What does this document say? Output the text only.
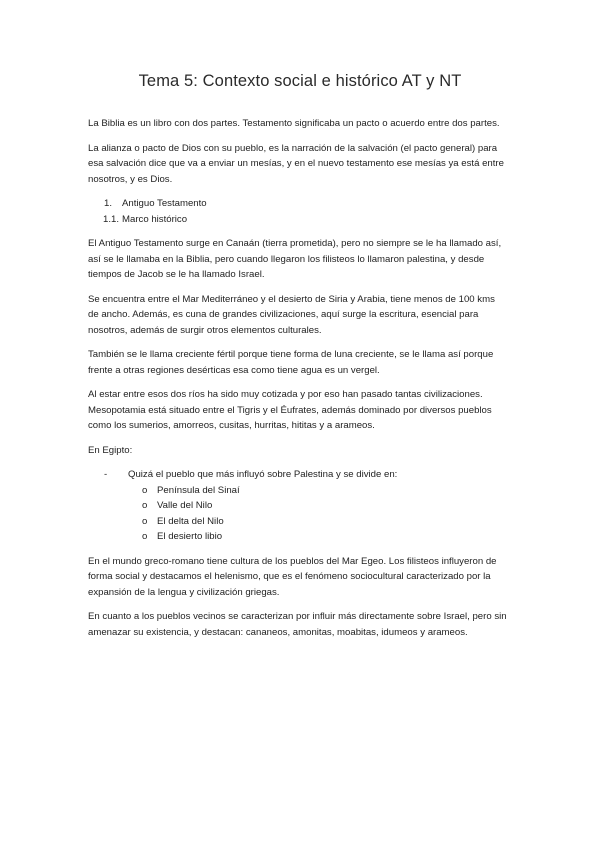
Tema 5: Contexto social e histórico AT y NT

La Biblia es un libro con dos partes. Testamento significaba un pacto o acuerdo entre dos partes.

La alianza o pacto de Dios con su pueblo, es la narración de la salvación (el pacto general) para esa salvación dice que va a enviar un mesías, y en el nuevo testamento ese mesías ya está entre nosotros, y es Dios.

1. Antiguo Testamento
1.1. Marco histórico

El Antiguo Testamento surge en Canaán (tierra prometida), pero no siempre se le ha llamado así, así se le llamaba en la Biblia, pero cuando llegaron los filisteos lo llamaron palestina, y desde tiempos de Jacob se le ha llamado Israel.

Se encuentra entre el Mar Mediterráneo y el desierto de Siria y Arabia, tiene menos de 100 kms de ancho. Además, es cuna de grandes civilizaciones, aquí surge la escritura, esencial para nosotros, además de surgir otros elementos culturales.

También se le llama creciente fértil porque tiene forma de luna creciente, se le llama así porque frente a otras regiones desérticas esa como tiene agua es un vergel.

Al estar entre esos dos ríos ha sido muy cotizada y por eso han pasado tantas civilizaciones. Mesopotamia está situado entre el Tigris y el Éufrates, además dominado por diversos pueblos como los sumerios, amorreos, cusitas, hurritas, hititas y a arameos.

En Egipto:

- Quizá el pueblo que más influyó sobre Palestina y se divide en:
o Península del Sinaí
o Valle del Nilo
o El delta del Nilo
o El desierto libio

En el mundo greco-romano tiene cultura de los pueblos del Mar Egeo. Los filisteos influyeron de forma social y destacamos el helenismo, que es el fenómeno sociocultural caracterizado por la expansión de la lengua y civilización griegas.

En cuanto a los pueblos vecinos se caracterizan por influir más directamente sobre Israel, pero sin amenazar su existencia, y destacan: cananeos, amonitas, moabitas, idumeos y arameos.
